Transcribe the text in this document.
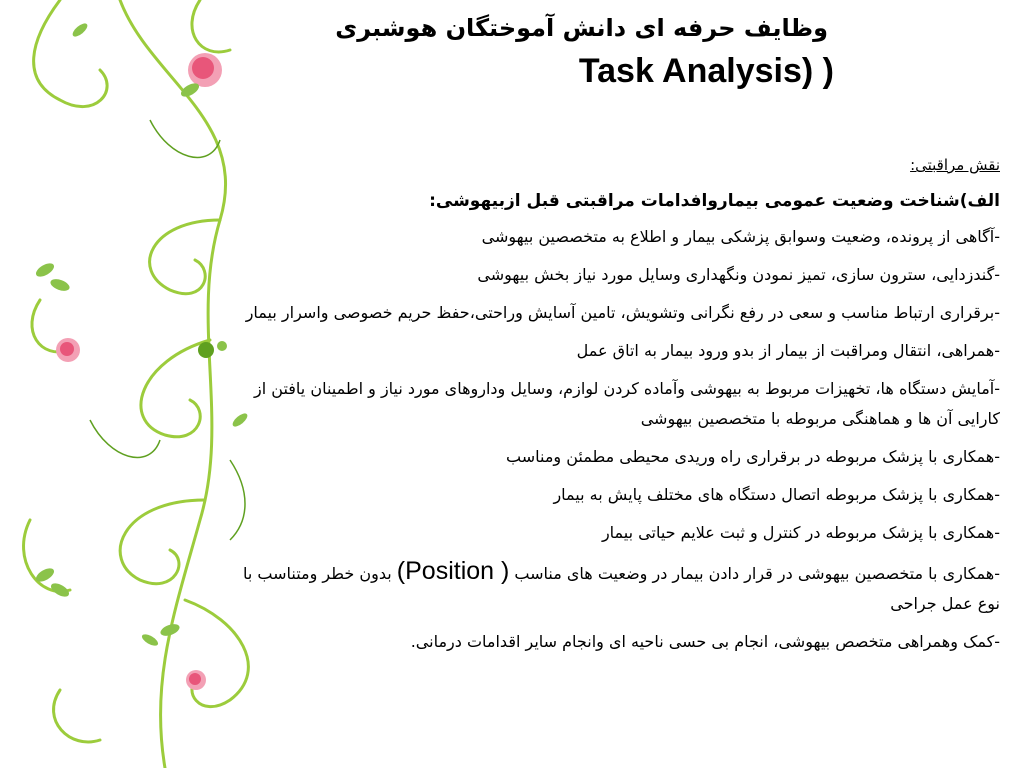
وظایف حرفه ای دانش آموختگان هوشبری
Task Analysis) )
نقش مراقبتی:
الف)شناخت وضعیت عمومی بیماروافدامات مراقبتی قبل ازبیهوشی:
-آگاهی از پرونده، وضعیت وسوابق پزشکی بیمار و اطلاع به متخصصین بیهوشی
-گندزدایی، سترون سازی، تمیز نمودن ونگهداری وسایل مورد نیاز بخش بیهوشی
-برقراری ارتباط مناسب و سعی در رفع نگرانی وتشویش، تامین آسایش وراحتی،حفظ حریم خصوصی واسرار بیمار
-همراهی، انتقال ومراقبت از بیمار از بدو ورود بیمار به اتاق عمل
-آمایش دستگاه ها، تخهیزات مربوط به بیهوشی وآماده کردن لوازم، وسایل وداروهای مورد نیاز و اطمینان یافتن از کارایی آن ها و هماهنگی مربوطه با متخصصین بیهوشی
-همکاری با پزشک مربوطه در برقراری راه وریدی محیطی مطمئن ومناسب
-همکاری با پزشک مربوطه اتصال دستگاه های مختلف پایش به بیمار
-همکاری با پزشک مربوطه در کنترل و ثبت علایم حیاتی بیمار
-همکاری با متخصصین بیهوشی در قرار دادن بیمار در وضعیت های مناسب ( Position) بدون خطر ومتناسب با نوع عمل جراحی
-کمک وهمراهی متخصص بیهوشی، انجام بی حسی ناحیه ای وانجام سایر اقدامات درمانی.
